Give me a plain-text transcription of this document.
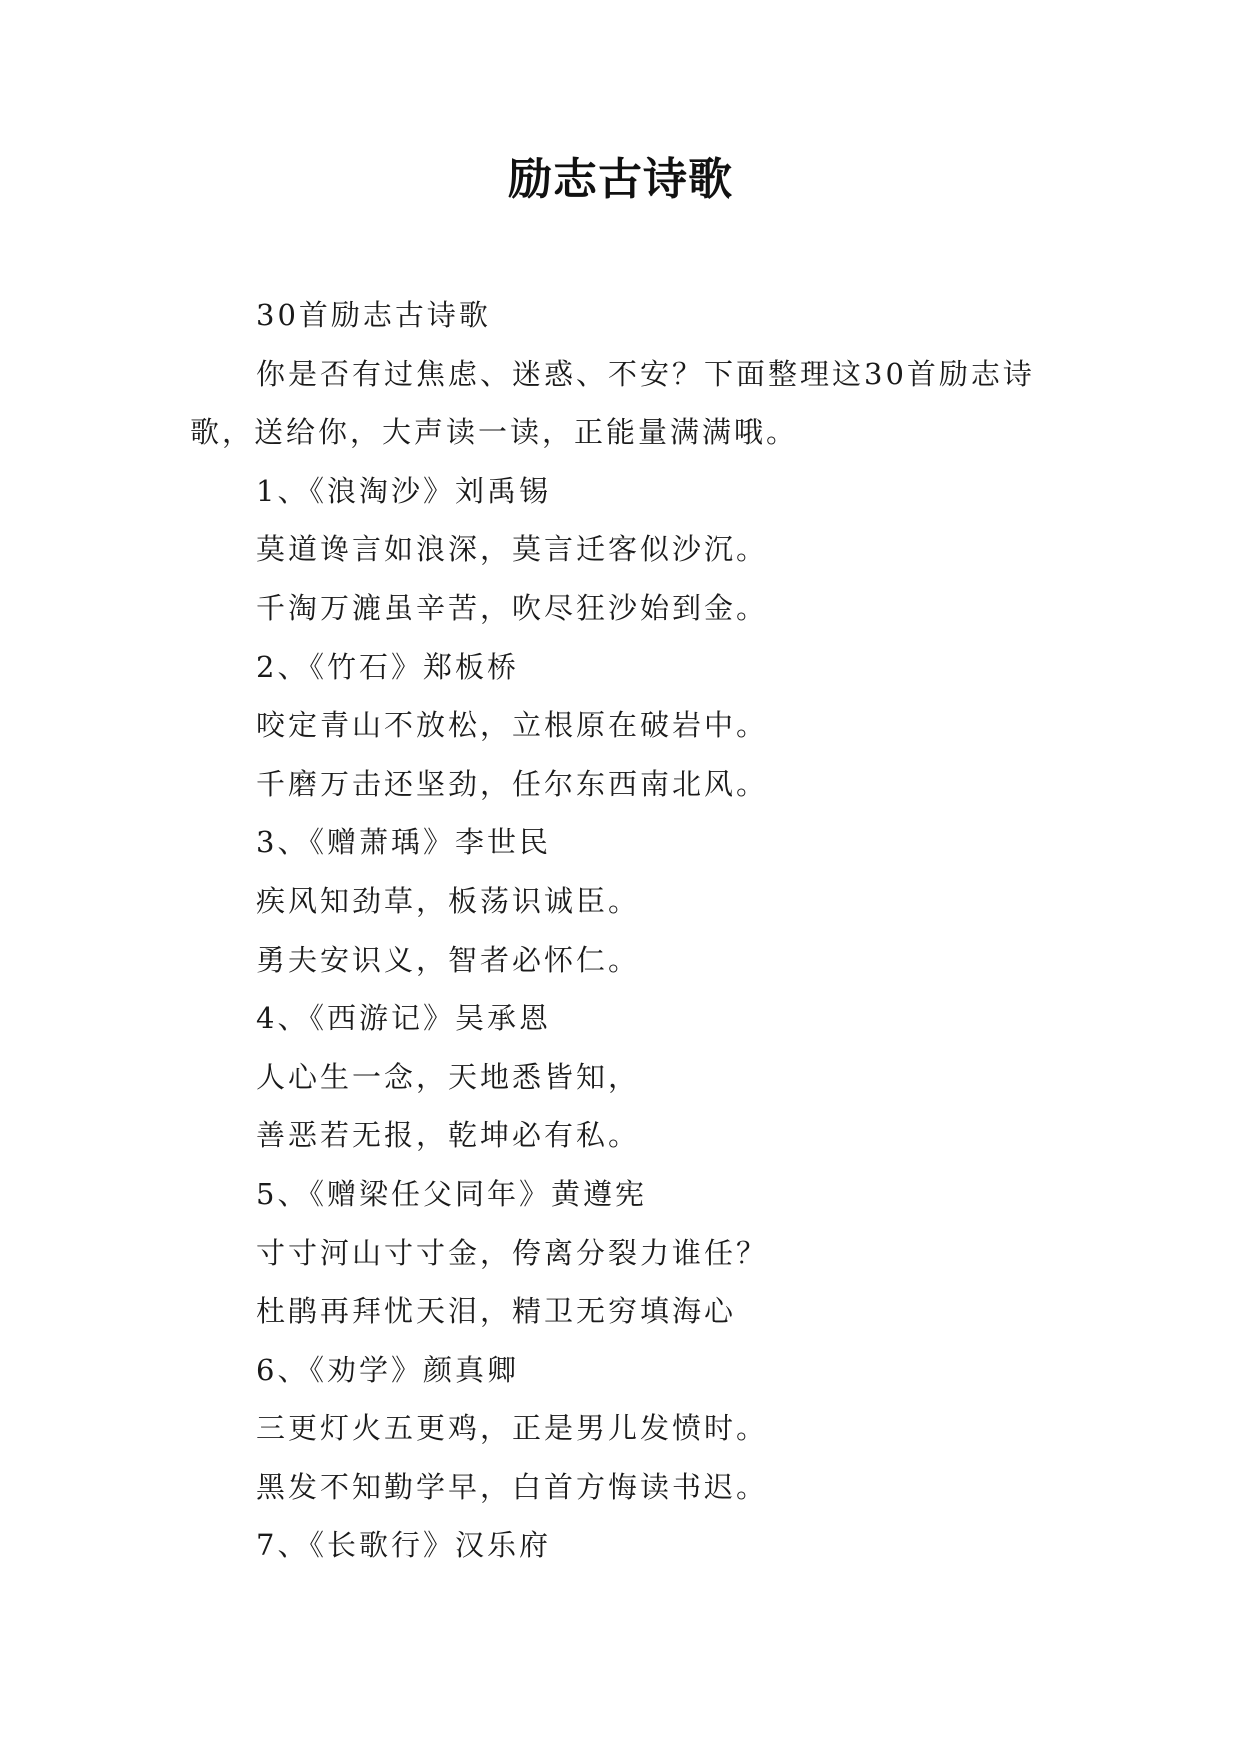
励志古诗歌

30首励志古诗歌

你是否有过焦虑、迷惑、不安？下面整理这30首励志诗歌，送给你，大声读一读，正能量满满哦。

1、《浪淘沙》刘禹锡

莫道谗言如浪深，莫言迁客似沙沉。

千淘万漉虽辛苦，吹尽狂沙始到金。

2、《竹石》郑板桥

咬定青山不放松，立根原在破岩中。

千磨万击还坚劲，任尔东西南北风。

3、《赠萧瑀》李世民

疾风知劲草，板荡识诚臣。

勇夫安识义，智者必怀仁。

4、《西游记》吴承恩

人心生一念，天地悉皆知，

善恶若无报，乾坤必有私。

5、《赠梁任父同年》黄遵宪

寸寸河山寸寸金，侉离分裂力谁任？

杜鹃再拜忧天泪，精卫无穷填海心

6、《劝学》颜真卿

三更灯火五更鸡，正是男儿发愤时。

黑发不知勤学早，白首方悔读书迟。

7、《长歌行》汉乐府
